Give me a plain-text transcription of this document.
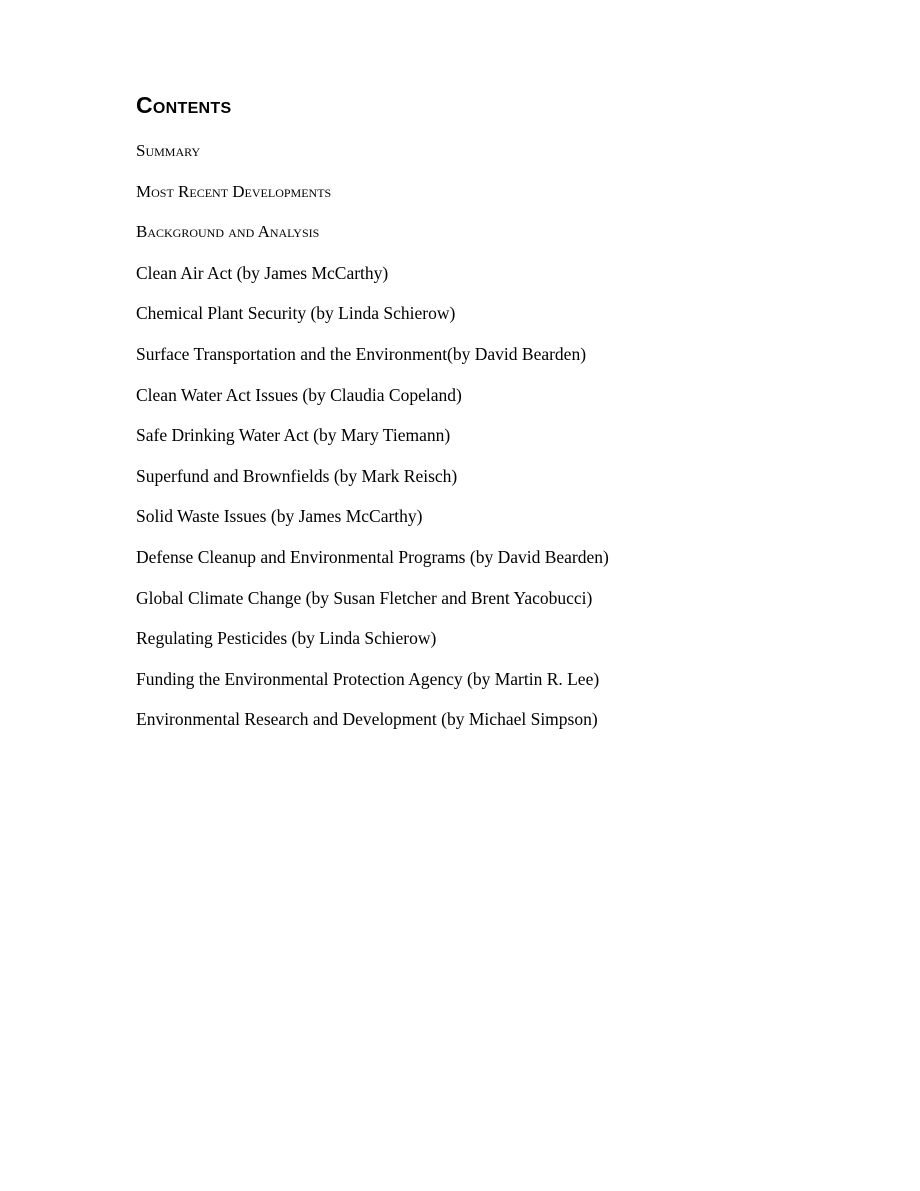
Contents
Summary
Most Recent Developments
Background and Analysis
Clean Air Act (by James McCarthy)
Chemical Plant Security (by Linda Schierow)
Surface Transportation and the Environment(by David Bearden)
Clean Water Act Issues (by Claudia Copeland)
Safe Drinking Water Act (by Mary Tiemann)
Superfund and Brownfields (by Mark Reisch)
Solid Waste Issues (by James McCarthy)
Defense Cleanup and Environmental Programs (by David Bearden)
Global Climate Change (by Susan Fletcher and Brent Yacobucci)
Regulating Pesticides (by Linda Schierow)
Funding the Environmental Protection Agency (by Martin R. Lee)
Environmental Research and Development (by Michael Simpson)
